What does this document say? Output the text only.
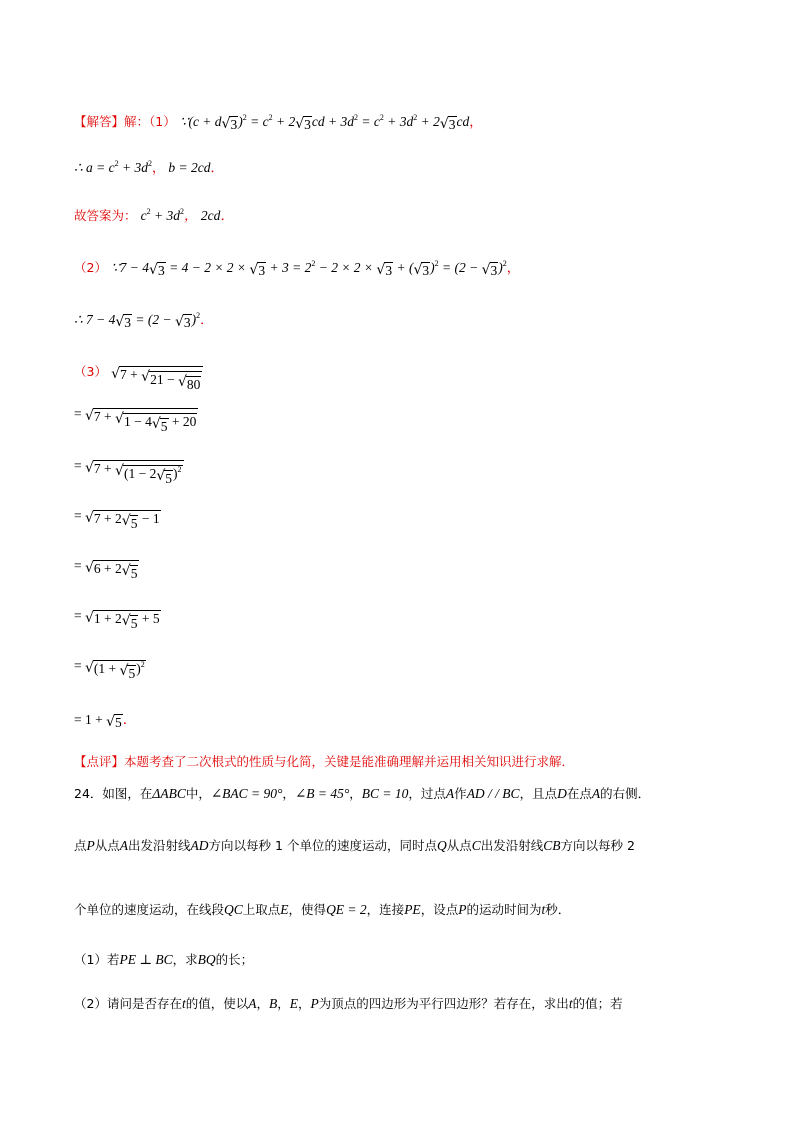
【解答】解：（1） ∵(c + d √ 3 )$^2 = c^2 + 2$ √ 3 cd + $3d^2 = c^2 + 3d^2 + 2$ √ 3 cd，
∴ $a = c^2 + 3d^2$， b = 2cd．
故答案为： $c^2 + 3d^2$， 2cd．
（2） ∵7 − 4 √ 3 = 4 − 2 × 2 × √ $3 + 3 = 2^2 - 2 \times 2$ × √ 3 + ( √ 3 )$^2$ = (2 − √ 3 )$^2$，
∴ 7 − 4 √ 3 = (2 − √ 3 )$^2$．
（3） √ 7 + √ 21 − √ 80
= √ 7 + √ 1 − 4 √ 5 + 20
= √ 7 + √ (1 − 2 √ 5 )$^2$
= √ 7 + 2 √ 5 − 1
= √ 6 + 2 √ 5
= √ 1 + 2 √ 5 + 5
= √ (1 + √ 5 )$^2$
= 1 + √ 5 ．
【点评】本题考查了二次根式的性质与化简，关键是能准确理解并运用相关知识进行求解．
24．如图，在ΔABC中，∠BAC = 90°，∠B = 45°，BC = 10，过点A作AD / / BC，且点D在点A的右侧．
点P从点A出发沿射线AD方向以每秒 1 个单位的速度运动，同时点Q从点C出发沿射线CB方向以每秒 2
个单位的速度运动，在线段QC上取点E，使得QE = 2，连接PE，设点P的运动时间为t秒．
（1）若PE ⊥ BC，求BQ的长；
（2）请问是否存在t的值，使以A，B，E，P为顶点的四边形为平行四边形？若存在，求出t的值；若
